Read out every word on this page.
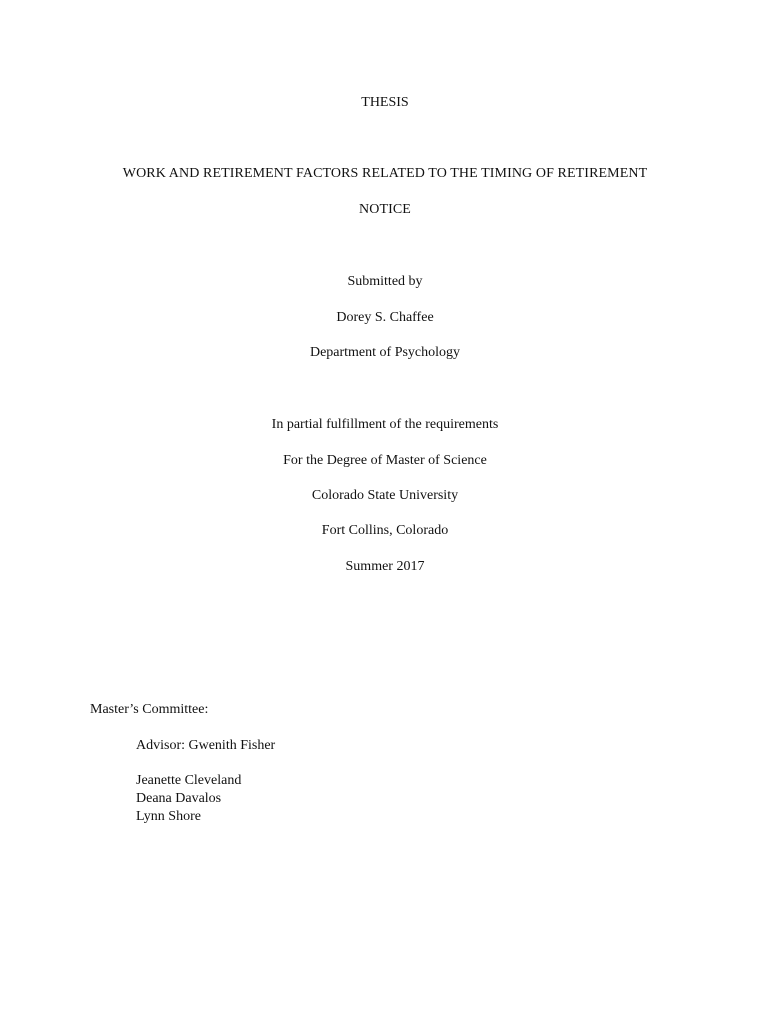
THESIS
WORK AND RETIREMENT FACTORS RELATED TO THE TIMING OF RETIREMENT
NOTICE
Submitted by
Dorey S. Chaffee
Department of Psychology
In partial fulfillment of the requirements
For the Degree of Master of Science
Colorado State University
Fort Collins, Colorado
Summer 2017
Master’s Committee:
Advisor: Gwenith Fisher
Jeanette Cleveland
Deana Davalos
Lynn Shore
